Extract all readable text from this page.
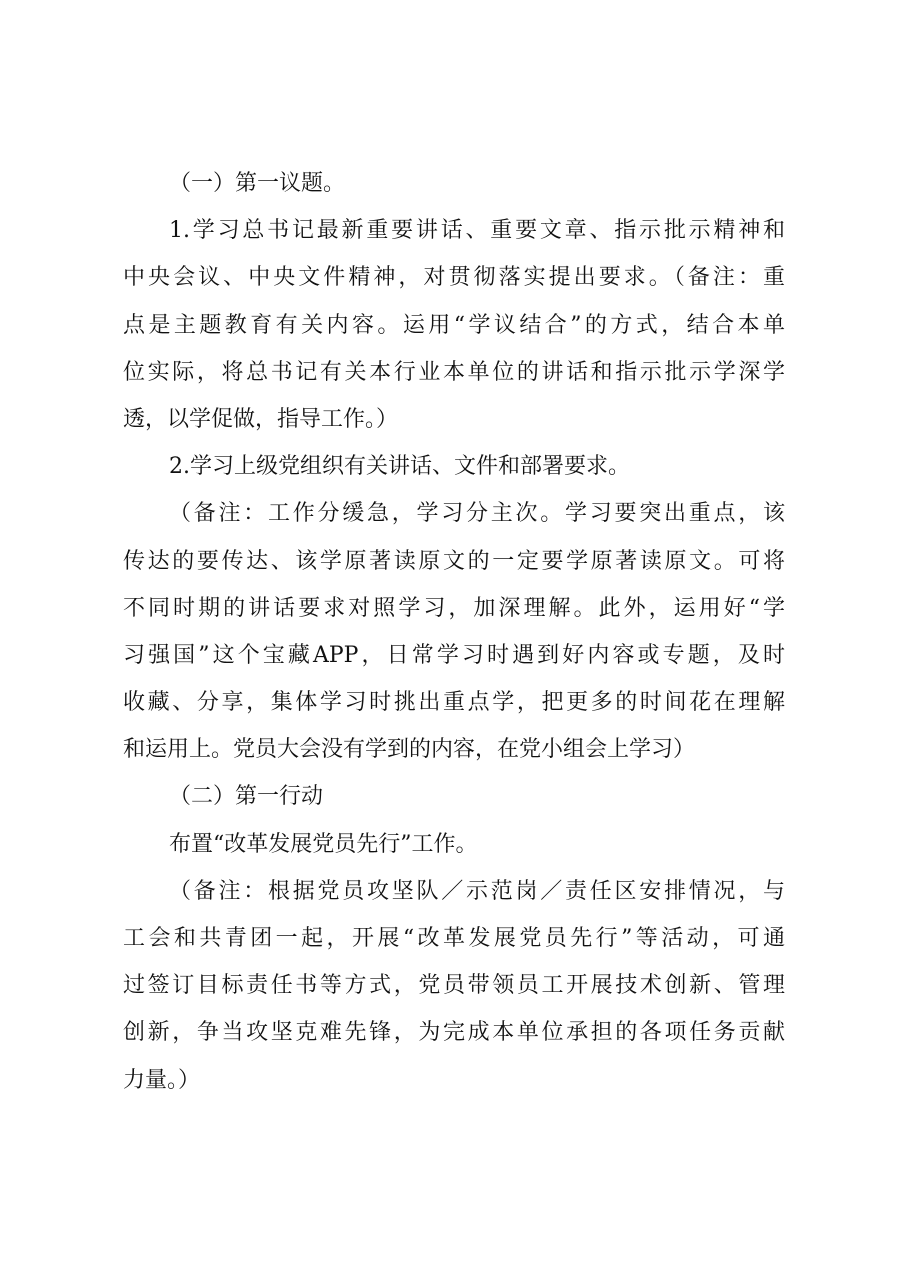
（一）第一议题。
1.学习总书记最新重要讲话、重要文章、指示批示精神和
中央会议、中央文件精神，对贯彻落实提出要求。（备注：重
点是主题教育有关内容。运用“学议结合”的方式，结合本单
位实际，将总书记有关本行业本单位的讲话和指示批示学深学
透，以学促做，指导工作。）
2.学习上级党组织有关讲话、文件和部署要求。
（备注：工作分缓急，学习分主次。学习要突出重点，该
传达的要传达、该学原著读原文的一定要学原著读原文。可将
不同时期的讲话要求对照学习，加深理解。此外，运用好“学
习强国”这个宝藏APP，日常学习时遇到好内容或专题，及时
收藏、分享，集体学习时挑出重点学，把更多的时间花在理解
和运用上。党员大会没有学到的内容，在党小组会上学习）
（二）第一行动
布置“改革发展党员先行”工作。
（备注：根据党员攻坚队／示范岗／责任区安排情况，与
工会和共青团一起，开展“改革发展党员先行”等活动，可通
过签订目标责任书等方式，党员带领员工开展技术创新、管理
创新，争当攻坚克难先锋，为完成本单位承担的各项任务贡献
力量。）
